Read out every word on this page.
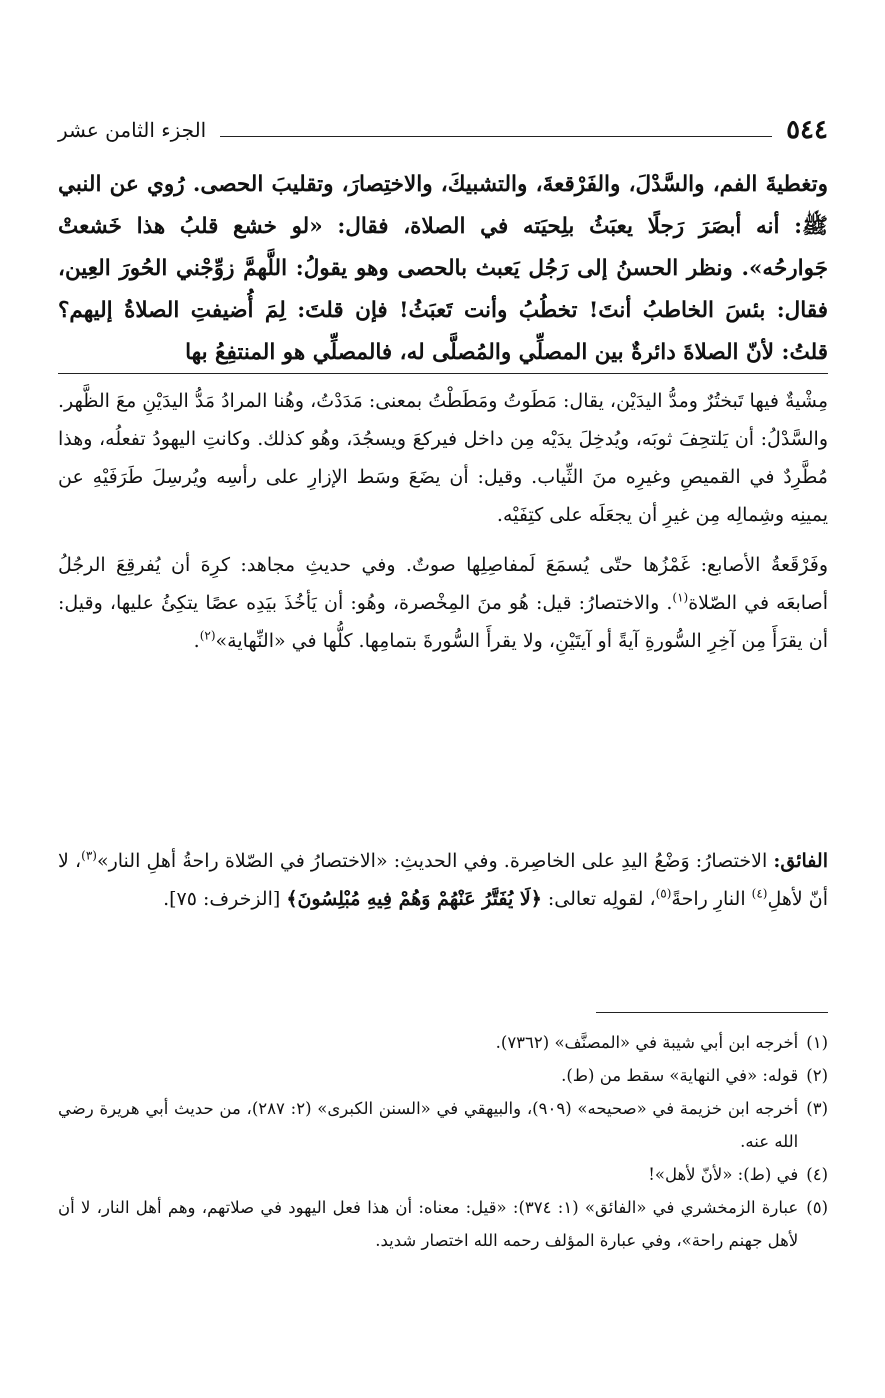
٥٤٤
الجزء الثامن عشر

وتغطيةَ الفم، والسَّدْلَ، والفَرْقعةَ، والتشبيكَ، والاختِصارَ، وتقليبَ الحصى. رُوي عن النبي ﷺ: أنه أبصَرَ رَجلًا يعبَثُ بلِحيَته في الصلاة، فقال: «لو خشع قلبُ هذا خَشعتْ جَوارحُه». ونظر الحسنُ إلى رَجُل يَعبث بالحصى وهو يقولُ: اللَّهمَّ زوِّجْني الحُورَ العِين، فقال: بئسَ الخاطبُ أنتَ! تخطُبُ وأنت تَعبَثُ! فإن قلتَ: لِمَ أُضيفتِ الصلاةُ إليهم؟ قلتُ: لأنّ الصلاةَ دائرةٌ بين المصلِّي والمُصلَّى له، فالمصلِّي هو المنتفِعُ بها

مِشْيةٌ فيها تَبختُرٌ ومدُّ اليدَيْن، يقال: مَطَوتُ ومَطَطْتُ بمعنى: مَدَدْتُ، وهُنا المرادُ مَدُّ اليدَيْنِ معَ الظَّهر. والسَّدْلُ: أن يَلتحِفَ ثوبَه، ويُدخِلَ يدَيْه مِن داخل فيركعَ ويسجُدَ، وهُو كذلك. وكانتِ اليهودُ تفعلُه، وهذا مُطَّرِدٌ في القميصِ وغيرِه منَ الثِّياب. وقيل: أن يضَعَ وسَط الإزارِ على رأسِه ويُرسِلَ طَرَفَيْهِ عن يمينِه وشِمالِه مِن غيرِ أن يجعَلَه على كتِفَيْه.

وفَرْقَعةُ الأصابع: غَمْزُها حتّى يُسمَعَ لَمفاصِلِها صوتٌ. وفي حديثِ مجاهد: كرِهَ أن يُفرقِعَ الرجُلُ أصابعَه في الصّلاة$^{(١)}$. والاختصارُ: قيل: هُو منَ المِخْصرة، وهُو: أن يَأخُذَ بيَدِه عصًا يتكِئُ عليها، وقيل: أن يقرَأَ مِن آخِرِ السُّورةِ آيةً أو آيتَيْنِ، ولا يقرأَ السُّورةَ بتمامِها. كلُّها في «النِّهاية»$^{(٢)}$.

الفائق: الاختصارُ: وَضْعُ اليدِ على الخاصِرة. وفي الحديثِ: «الاختصارُ في الصّلاة راحةُ أهلِ النار»$^{(٣)}$، لا أنّ لأهلِ$^{(٤)}$ النارِ راحةً$^{(٥)}$، لقولِه تعالى: ﴿لَا يُفَتَّرُ عَنْهُمْ وَهُمْ فِيهِ مُبْلِسُونَ﴾ [الزخرف: ٧٥].

(١)
أخرجه ابن أبي شيبة في «المصنَّف» (٧٣٦٢).
(٢)
قوله: «في النهاية» سقط من (ط).
(٣)
أخرجه ابن خزيمة في «صحيحه» (٩٠٩)، والبيهقي في «السنن الكبرى» (٢: ٢٨٧)، من حديث أبي هريرة رضي الله عنه.
(٤)
في (ط): «لأنّ لأهل»!
(٥)
عبارة الزمخشري في «الفائق» (١: ٣٧٤): «قيل: معناه: أن هذا فعل اليهود في صلاتهم، وهم أهل النار، لا أن لأهل جهنم راحة»، وفي عبارة المؤلف رحمه الله اختصار شديد.
